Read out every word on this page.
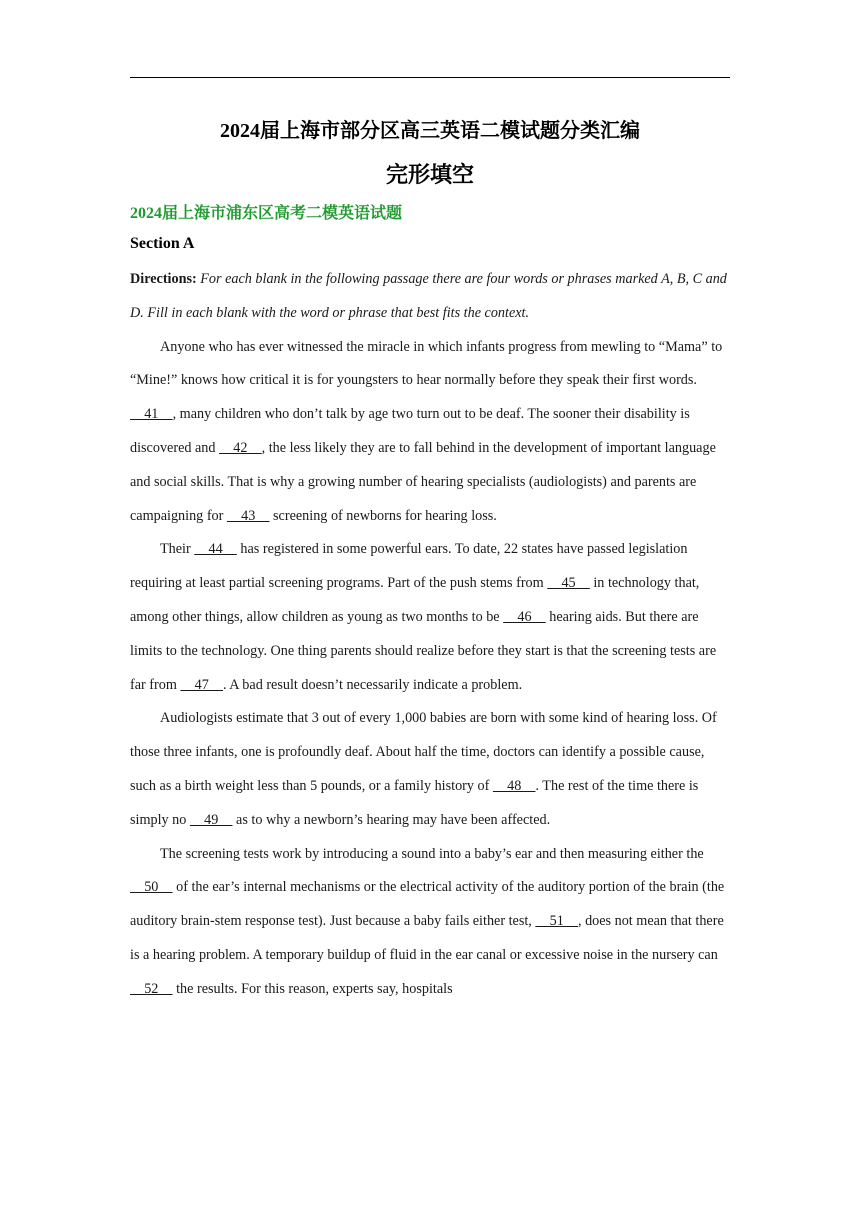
2024届上海市部分区高三英语二模试题分类汇编
完形填空
2024届上海市浦东区高考二模英语试题
Section A

Directions: For each blank in the following passage there are four words or phrases marked A, B, C and D. Fill in each blank with the word or phrase that best fits the context.

Anyone who has ever witnessed the miracle in which infants progress from mewling to “Mama” to “Mine!” knows how critical it is for youngsters to hear normally before they speak their first words.     41    , many children who don’t talk by age two turn out to be deaf. The sooner their disability is discovered and     42    , the less likely they are to fall behind in the development of important language and social skills. That is why a growing number of hearing specialists (audiologists) and parents are campaigning for     43     screening of newborns for hearing loss.

Their     44     has registered in some powerful ears. To date, 22 states have passed legislation requiring at least partial screening programs. Part of the push stems from     45     in technology that, among other things, allow children as young as two months to be     46     hearing aids. But there are limits to the technology. One thing parents should realize before they start is that the screening tests are far from     47    . A bad result doesn’t necessarily indicate a problem.

Audiologists estimate that 3 out of every 1,000 babies are born with some kind of hearing loss. Of those three infants, one is profoundly deaf. About half the time, doctors can identify a possible cause, such as a birth weight less than 5 pounds, or a family history of     48    . The rest of the time there is simply no     49     as to why a newborn’s hearing may have been affected.

The screening tests work by introducing a sound into a baby’s ear and then measuring either the     50     of the ear’s internal mechanisms or the electrical activity of the auditory portion of the brain (the auditory brain-stem response test). Just because a baby fails either test,     51    , does not mean that there is a hearing problem. A temporary buildup of fluid in the ear canal or excessive noise in the nursery can     52     the results. For this reason, experts say, hospitals
